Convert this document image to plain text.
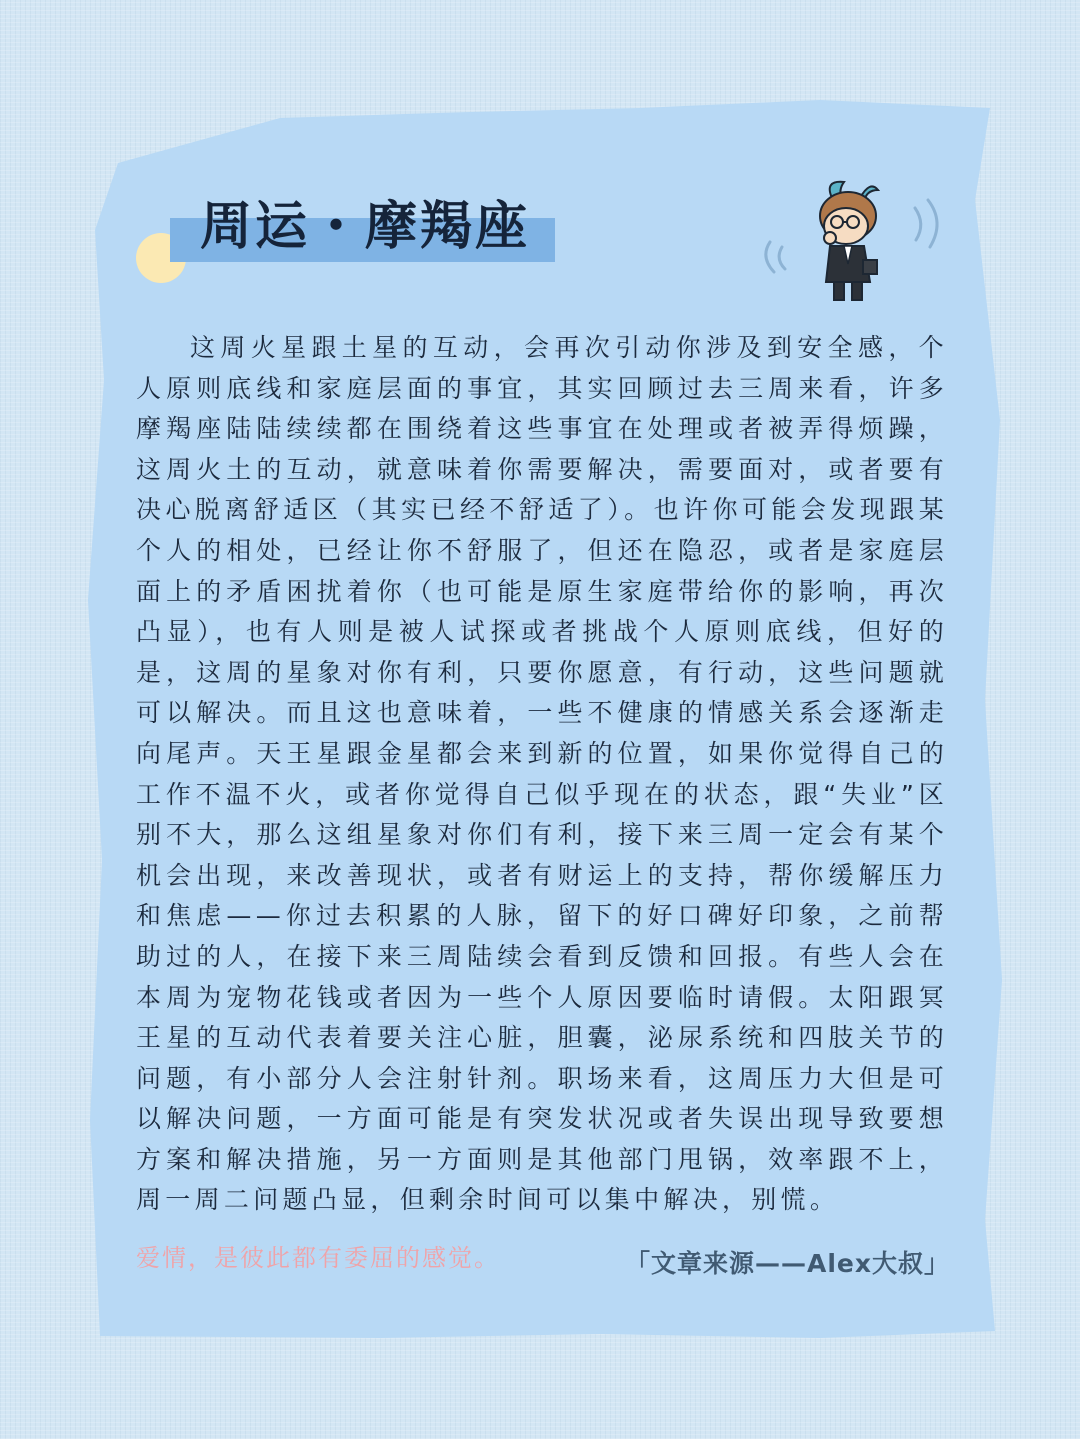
周运・摩羯座

这周火星跟土星的互动，会再次引动你涉及到安全感，个人原则底线和家庭层面的事宜，其实回顾过去三周来看，许多摩羯座陆陆续续都在围绕着这些事宜在处理或者被弄得烦躁，这周火土的互动，就意味着你需要解决，需要面对，或者要有决心脱离舒适区（其实已经不舒适了）。也许你可能会发现跟某个人的相处，已经让你不舒服了，但还在隐忍，或者是家庭层面上的矛盾困扰着你（也可能是原生家庭带给你的影响，再次凸显），也有人则是被人试探或者挑战个人原则底线，但好的是，这周的星象对你有利，只要你愿意，有行动，这些问题就可以解决。而且这也意味着，一些不健康的情感关系会逐渐走向尾声。天王星跟金星都会来到新的位置，如果你觉得自己的工作不温不火，或者你觉得自己似乎现在的状态，跟“失业”区别不大，那么这组星象对你们有利，接下来三周一定会有某个机会出现，来改善现状，或者有财运上的支持，帮你缓解压力和焦虑——你过去积累的人脉，留下的好口碑好印象，之前帮助过的人，在接下来三周陆续会看到反馈和回报。有些人会在本周为宠物花钱或者因为一些个人原因要临时请假。太阳跟冥王星的互动代表着要关注心脏，胆囊，泌尿系统和四肢关节的问题，有小部分人会注射针剂。职场来看，这周压力大但是可以解决问题，一方面可能是有突发状况或者失误出现导致要想方案和解决措施，另一方面则是其他部门甩锅，效率跟不上，周一周二问题凸显，但剩余时间可以集中解决，别慌。

爱情，是彼此都有委屈的感觉。	「文章来源——Alex大叔」
